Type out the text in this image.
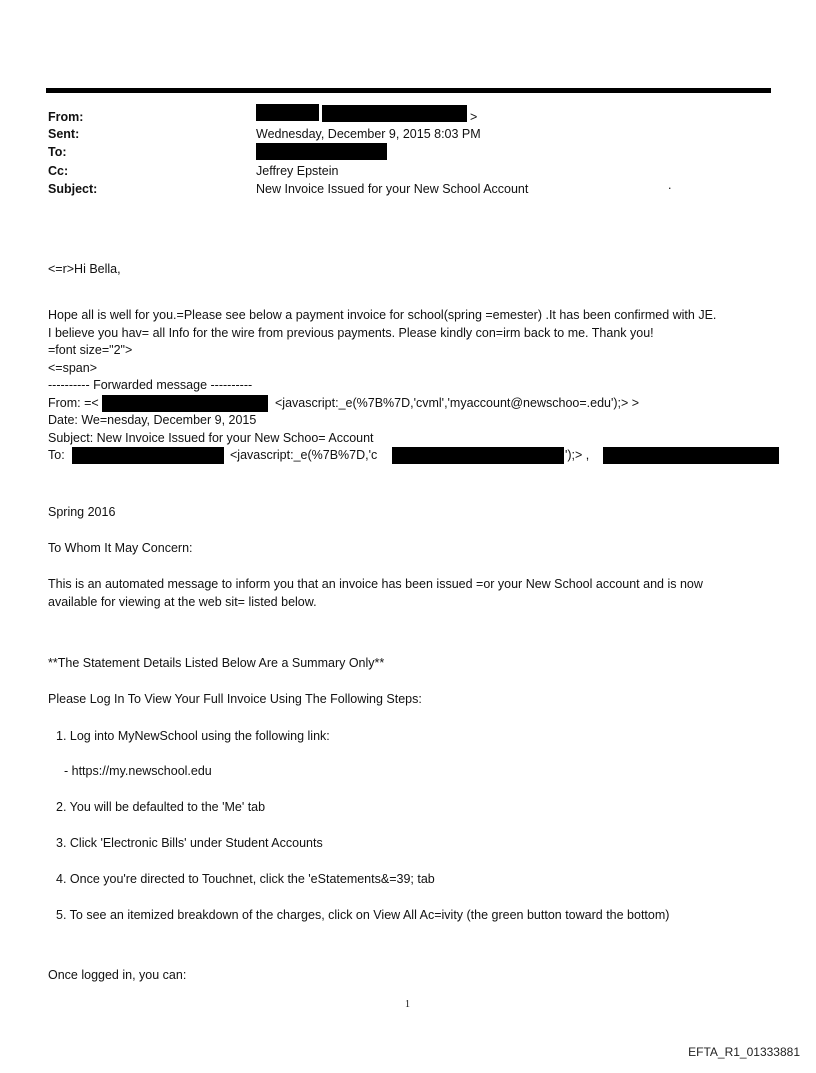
From:	>
Sent:	Wednesday, December 9, 2015 8:03 PM
To:
Cc:	Jeffrey Epstein
Subject:	New Invoice Issued for your New School Account	.
<=r>Hi Bella,
Hope all is well for you.=Please see below a payment invoice for school(spring =emester) .It has been confirmed with JE.
I believe you hav= all Info for the wire from previous payments. Please kindly con=irm back to me. Thank you!
=font size="2">
<=span>
---------- Forwarded message ----------
From: =<	<javascript:_e(%7B%7D,'cvml','myaccount@newschoo=.edu');> >
Date: We=nesday, December 9, 2015
Subject: New Invoice Issued for your New Schoo= Account
To:	<javascript:_e(%7B%7D,'c	');> ,
Spring 2016
To Whom It May Concern:
This is an automated message to inform you that an invoice has been issued =or your New School account and is now
available for viewing at the web sit= listed below.
**The Statement Details Listed Below Are a Summary Only**
Please Log In To View Your Full Invoice Using The Following Steps:
1. Log into MyNewSchool using the following link:
- https://my.newschool.edu
2. You will be defaulted to the 'Me' tab
3. Click 'Electronic Bills' under Student Accounts
4. Once you're directed to Touchnet, click the 'eStatements&=39; tab
5. To see an itemized breakdown of the charges, click on View All Ac=ivity (the green button toward the bottom)
Once logged in, you can:
1
EFTA_R1_01333881
